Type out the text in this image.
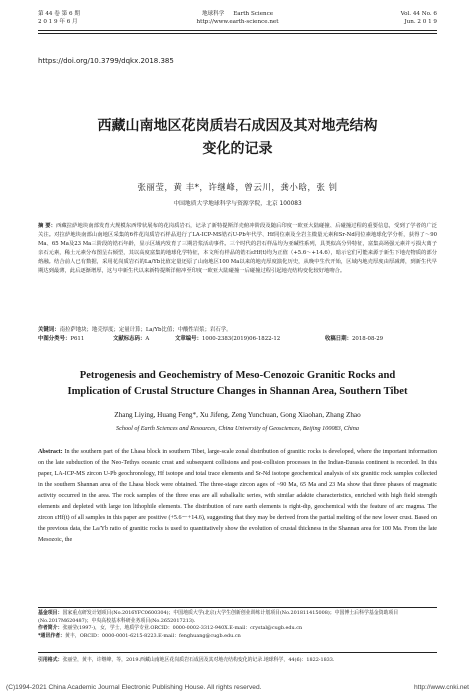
第 44 卷 第 6 期
2 0 1 9 年 6 月
地球科学 Earth Science
http://www.earth-science.net
Vol. 44 No. 6
Jun. 2 0 1 9
https://doi.org/10.3799/dqkx.2018.385
西藏山南地区花岗质岩石成因及其对地壳结构
变化的记录
张丽莹，黄 丰*，许继峰，曾云川，龚小晗，张 钊
中国地质大学地球科学与资源学院，北京 100083
摘 要：西藏拉萨地块南部发育大规模东西带状展布的花岗质岩石，记录了新特提斯洋壳俯冲阶段及随后印度一欧亚大陆碰撞、后碰撞过程的重要信息，受到了学者的广泛关注。对拉萨地块南部山南地区采集的6件花岗质岩石样品进行了LA-ICP-MS锆石U-Pb年代学、Hf同位素及全岩主微量元素和Sr-Nd同位素地球化学分析，获得了～90 Ma、65 Ma及23 Ma三阶段的锆石年龄，显示区域内发育了三期岩浆活动事件。三个时代的岩石样品均为亚碱性系列，具类似高分异特征，富集高场强元素并亏损大离子亲石元素，稀土元素分布图呈右倾型，其以高度富集的地球化学特征，本文所有样品的锆石εHf(t)均为正值（+5.6～+14.6），暗示它们可能来源于新生下地壳物质的部分熔融。结合前人已有数据，采用花岗质岩石的La/Yb比值定量还原了山南地区100 Ma以来的地壳厚度演化历史，从晚中生代开始，区域内地壳厚度由厚减薄，到新生代早期达到最薄，此后逐渐增厚，这与中新生代以来新特提斯洋俯冲至印度一欧亚大陆碰撞一后碰撞过程引起地壳结构变化较好地吻合。
关键词：南拉萨地块；地壳厚度；定量计算；La/Yb比值；中酸性岩浆；岩石学。
中图分类号：P611	文献标志码：A	文章编号：1000-2383(2019)06-1822-12	收稿日期：2018-08-29
Petrogenesis and Geochemistry of Meso-Cenozoic Granitic Rocks and
Implication of Crustal Structure Changes in Shannan Area, Southern Tibet
Zhang Liying, Huang Feng*, Xu Jifeng, Zeng Yunchuan, Gong Xiaohan, Zhang Zhao
School of Earth Sciences and Resources, China University of Geosciences, Beijing 100083, China
Abstract: In the southern part of the Lhasa block in southern Tibet, large-scale zonal distribution of granitic rocks is developed, where the important information on the late subduction of the Neo-Tethys oceanic crust and subsequent collisions and post-collision processes in the Indian-Eurasia continent is recorded. In this paper, LA-ICP-MS zircon U-Pb geochronology, Hf isotope and total trace elements and Sr-Nd isotope geochemical analysis of six granitic rock samples collected in the southern Shannan area of the Lhasa block were obtained. The three-stage zircon ages of ~90 Ma, 65 Ma and 23 Ma show that three phases of magmatic activity occurred in the area. The rock samples of the three eras are all subalkalic series, with similar adakite characteristics, enriched with high field strength elements and depleted with large ion lithophile elements. The distribution of rare earth elements is right-dip, geochemical with the feature of arc magma. The zircon εHf(t) of all samples in this paper are positive (+5.6～+14.6), suggesting that they may be derived from the partial melting of the new lower crust. Based on the previous data, the La/Yb ratio of granitic rocks is used to quantitatively show the evolution of crustal thickness in the Shannan area for 100 Ma. From the late Mesozoic, the
基金项目：国家重点研发计划项目(No.2016YFC0600304)；中国地质大学(北京)大学生创新创业训练计划项目(No.201811415008)；中国博士后科学基金资助项目(No.2017M620487)；中央高校基本科研业务项目(No.2652017213).
作者简介：张丽莹(1997-)，女，学士，地质学专业.ORCID：0000-0002-3312-940X.E-mail：crystal@cugb.edu.cn
*通讯作者：黄丰，ORCID：0000-0001-6215-8223.E-mail：fenghuang@cugb.edu.cn
引用格式：张丽莹，黄丰，许继峰，等，2019.西藏山南地区花岗质岩石成因及其对地壳结构变化的记录.地球科学，44(6)：1822-1833.
(C)1994-2021 China Academic Journal Electronic Publishing House. All rights reserved.	http://www.cnki.net
